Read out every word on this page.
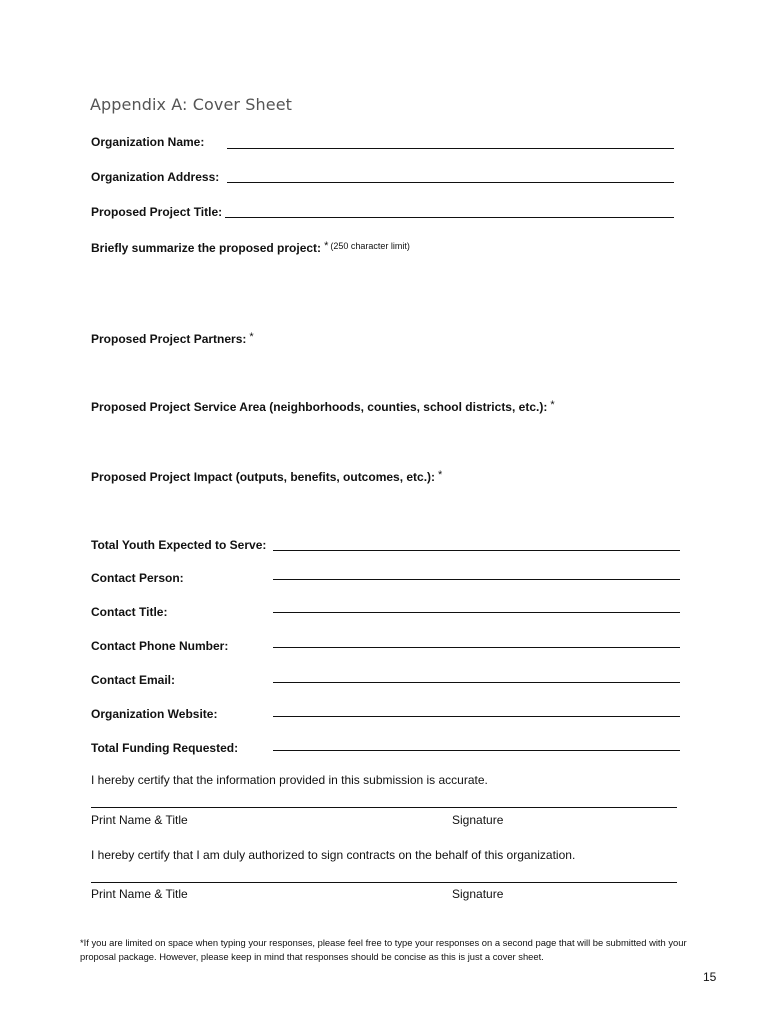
Appendix A: Cover Sheet
Organization Name:
Organization Address:
Proposed Project Title:
Briefly summarize the proposed project: * $^{(250 character limit)}$
Proposed Project Partners: *
Proposed Project Service Area (neighborhoods, counties, school districts, etc.): *
Proposed Project Impact (outputs, benefits, outcomes, etc.): *
Total Youth Expected to Serve:
Contact Person:
Contact Title:
Contact Phone Number:
Contact Email:
Organization Website:
Total Funding Requested:
I hereby certify that the information provided in this submission is accurate.
Print Name & Title	Signature
I hereby certify that I am duly authorized to sign contracts on the behalf of this organization.
Print Name & Title	Signature
*If you are limited on space when typing your responses, please feel free to type your responses on a second page that will be submitted with your proposal package. However, please keep in mind that responses should be concise as this is just a cover sheet.
15
